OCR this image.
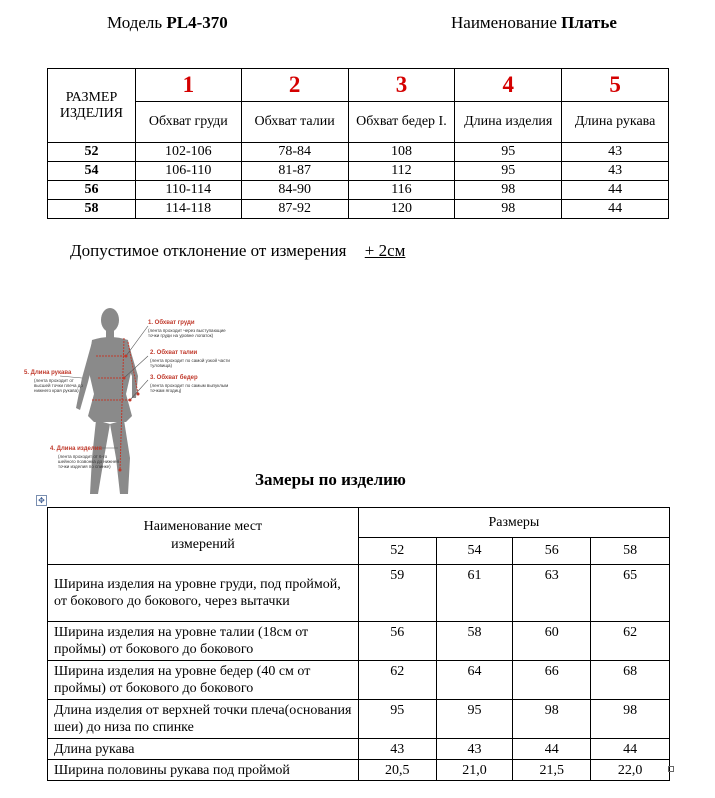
Модель PL4-370	Наименование Платье
РАЗМЕР ИЗДЕЛИЯ	1	2	3	4	5
	Обхват груди	Обхват талии	Обхват бедер I.	Длина изделия	Длина рукава
52	102-106	78-84	108	95	43
54	106-110	81-87	112	95	43
56	110-114	84-90	116	98	44
58	114-118	87-92	120	98	44
Допустимое отклонение от измерения + 2см
1. Обхват груди
(лента проходит через выступающие точки груди на уровне лопаток)
2. Обхват талии
(лента проходит по самой узкой части туловища)
3. Обхват бедер
(лента проходит по самым выпуклым точкам ягодиц)
5. Длина рукава
(лента проходит от высшей точки плеча до нижнего края рукава)
4. Длина изделия
(лента проходит от 6-го шейного позвонка до нижней точки изделия по спинке)
Замеры по изделию
✥
Наименование мест измерений	Размеры			
	52	54	56	58
Ширина изделия на уровне груди, под проймой, от бокового до бокового, через вытачки	59	61	63	65
Ширина изделия на уровне талии (18см от проймы) от бокового до бокового	56	58	60	62
Ширина изделия на уровне бедер (40 см от проймы) от бокового до бокового	62	64	66	68
Длина изделия от верхней точки плеча(основания шеи) до низа по спинке	95	95	98	98
Длина рукава	43	43	44	44
Ширина половины рукава под проймой	20,5	21,0	21,5	22,0
